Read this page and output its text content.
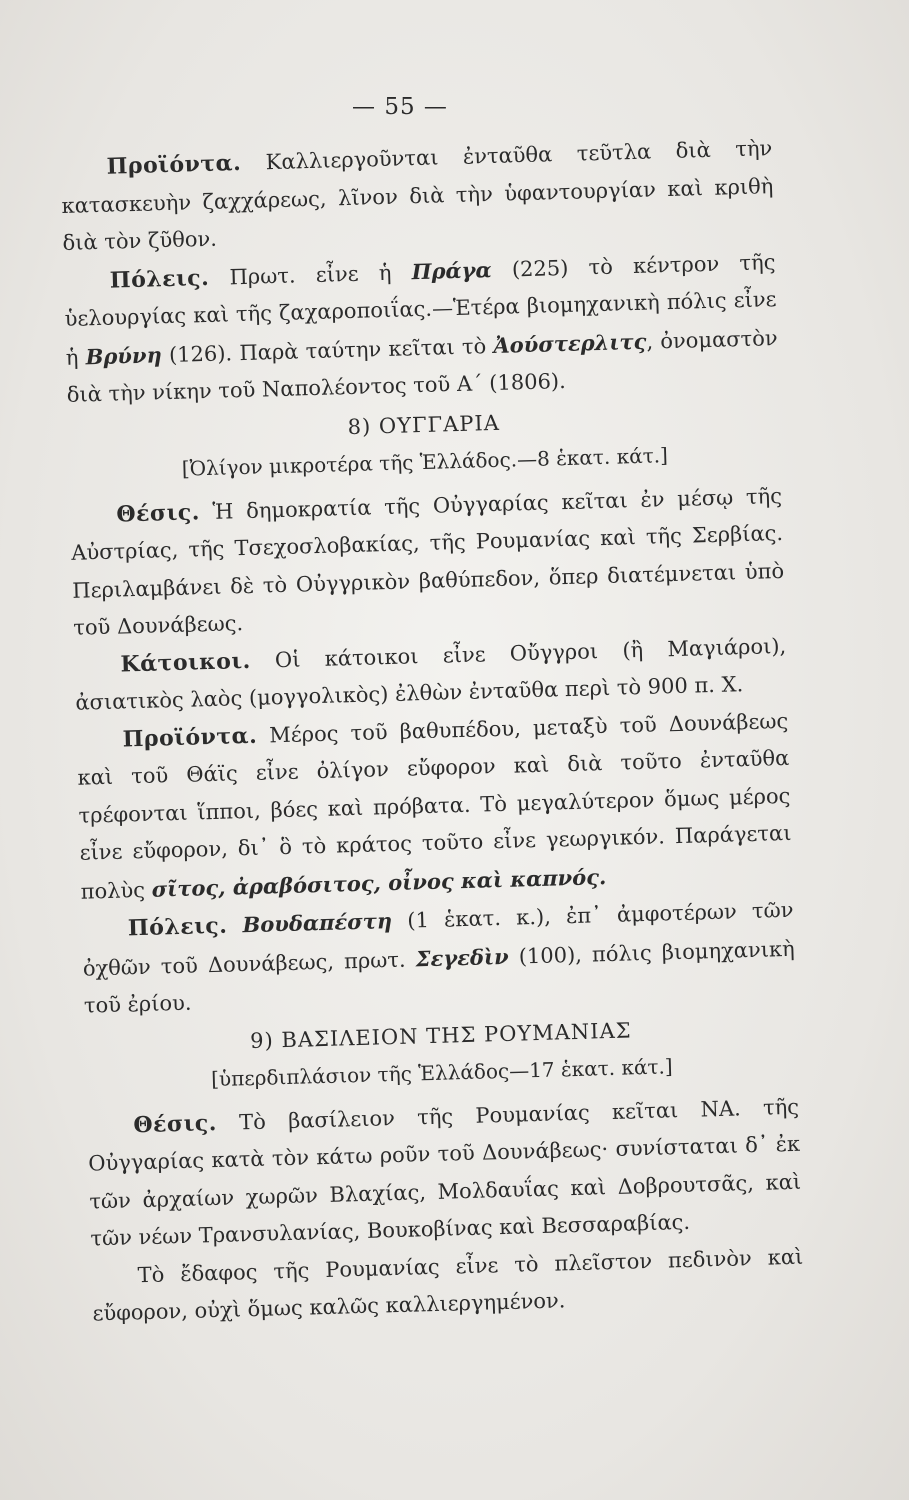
— 55 —

Προϊόντα. Καλλιεργοῦνται ἐνταῦθα τεῦτλα διὰ τὴν κατασκευὴν ζαχχάρεως, λῖνον διὰ τὴν ὑφαντουργίαν καὶ κριθὴ διὰ τὸν ζῦθον.

Πόλεις. Πρωτ. εἶνε ἡ Πράγα (225) τὸ κέντρον τῆς ὑελουργίας καὶ τῆς ζαχαροποιΐας.—Ἑτέρα βιομηχανικὴ πόλις εἶνε ἡ Βρύνη (126). Παρὰ ταύτην κεῖται τὸ Ἀούστερλιτς, ὀνομαστὸν διὰ τὴν νίκην τοῦ Ναπολέοντος τοῦ Α΄ (1806).

8) ΟΥΓΓΑΡΙΑ
[Ὀλίγον μικροτέρα τῆς Ἑλλάδος.—8 ἑκατ. κάτ.]

Θέσις. Ἡ δημοκρατία τῆς Οὐγγαρίας κεῖται ἐν μέσῳ τῆς Αὐστρίας, τῆς Τσεχοσλοβακίας, τῆς Ρουμανίας καὶ τῆς Σερβίας. Περιλαμβάνει δὲ τὸ Οὐγγρικὸν βαθύπεδον, ὅπερ διατέμνεται ὑπὸ τοῦ Δουνάβεως.

Κάτοικοι. Οἱ κάτοικοι εἶνε Οὔγγροι (ἢ Μαγιάροι), ἀσιατικὸς λαὸς (μογγολικὸς) ἐλθὼν ἐνταῦθα περὶ τὸ 900 π. Χ.

Προϊόντα. Μέρος τοῦ βαθυπέδου, μεταξὺ τοῦ Δουνάβεως καὶ τοῦ Θάϊς εἶνε ὀλίγον εὔφορον καὶ διὰ τοῦτο ἐνταῦθα τρέφονται ἵπποι, βόες καὶ πρόβατα. Τὸ μεγαλύτερον ὅμως μέρος εἶνε εὔφορον, δι᾿ ὃ τὸ κράτος τοῦτο εἶνε γεωργικόν. Παράγεται πολὺς σῖτος, ἀραβόσιτος, οἶνος καὶ καπνός.

Πόλεις. Βουδαπέστη (1 ἑκατ. κ.), ἐπ᾿ ἀμφοτέρων τῶν ὀχθῶν τοῦ Δουνάβεως, πρωτ. Σεγεδὶν (100), πόλις βιομηχανικὴ τοῦ ἐρίου.

9) ΒΑΣΙΛΕΙΟΝ ΤΗΣ ΡΟΥΜΑΝΙΑΣ
[ὑπερδιπλάσιον τῆς Ἑλλάδος—17 ἑκατ. κάτ.]

Θέσις. Τὸ βασίλειον τῆς Ρουμανίας κεῖται ΝΑ. τῆς Οὐγγαρίας κατὰ τὸν κάτω ροῦν τοῦ Δουνάβεως· συνίσταται δ᾿ ἐκ τῶν ἀρχαίων χωρῶν Βλαχίας, Μολδαυΐας καὶ Δοβρουτσᾶς, καὶ τῶν νέων Τρανσυλανίας, Βουκοβίνας καὶ Βεσσαραβίας.

Τὸ ἔδαφος τῆς Ρουμανίας εἶνε τὸ πλεῖστον πεδινὸν καὶ εὔφορον, οὐχὶ ὅμως καλῶς καλλιεργημένον.
